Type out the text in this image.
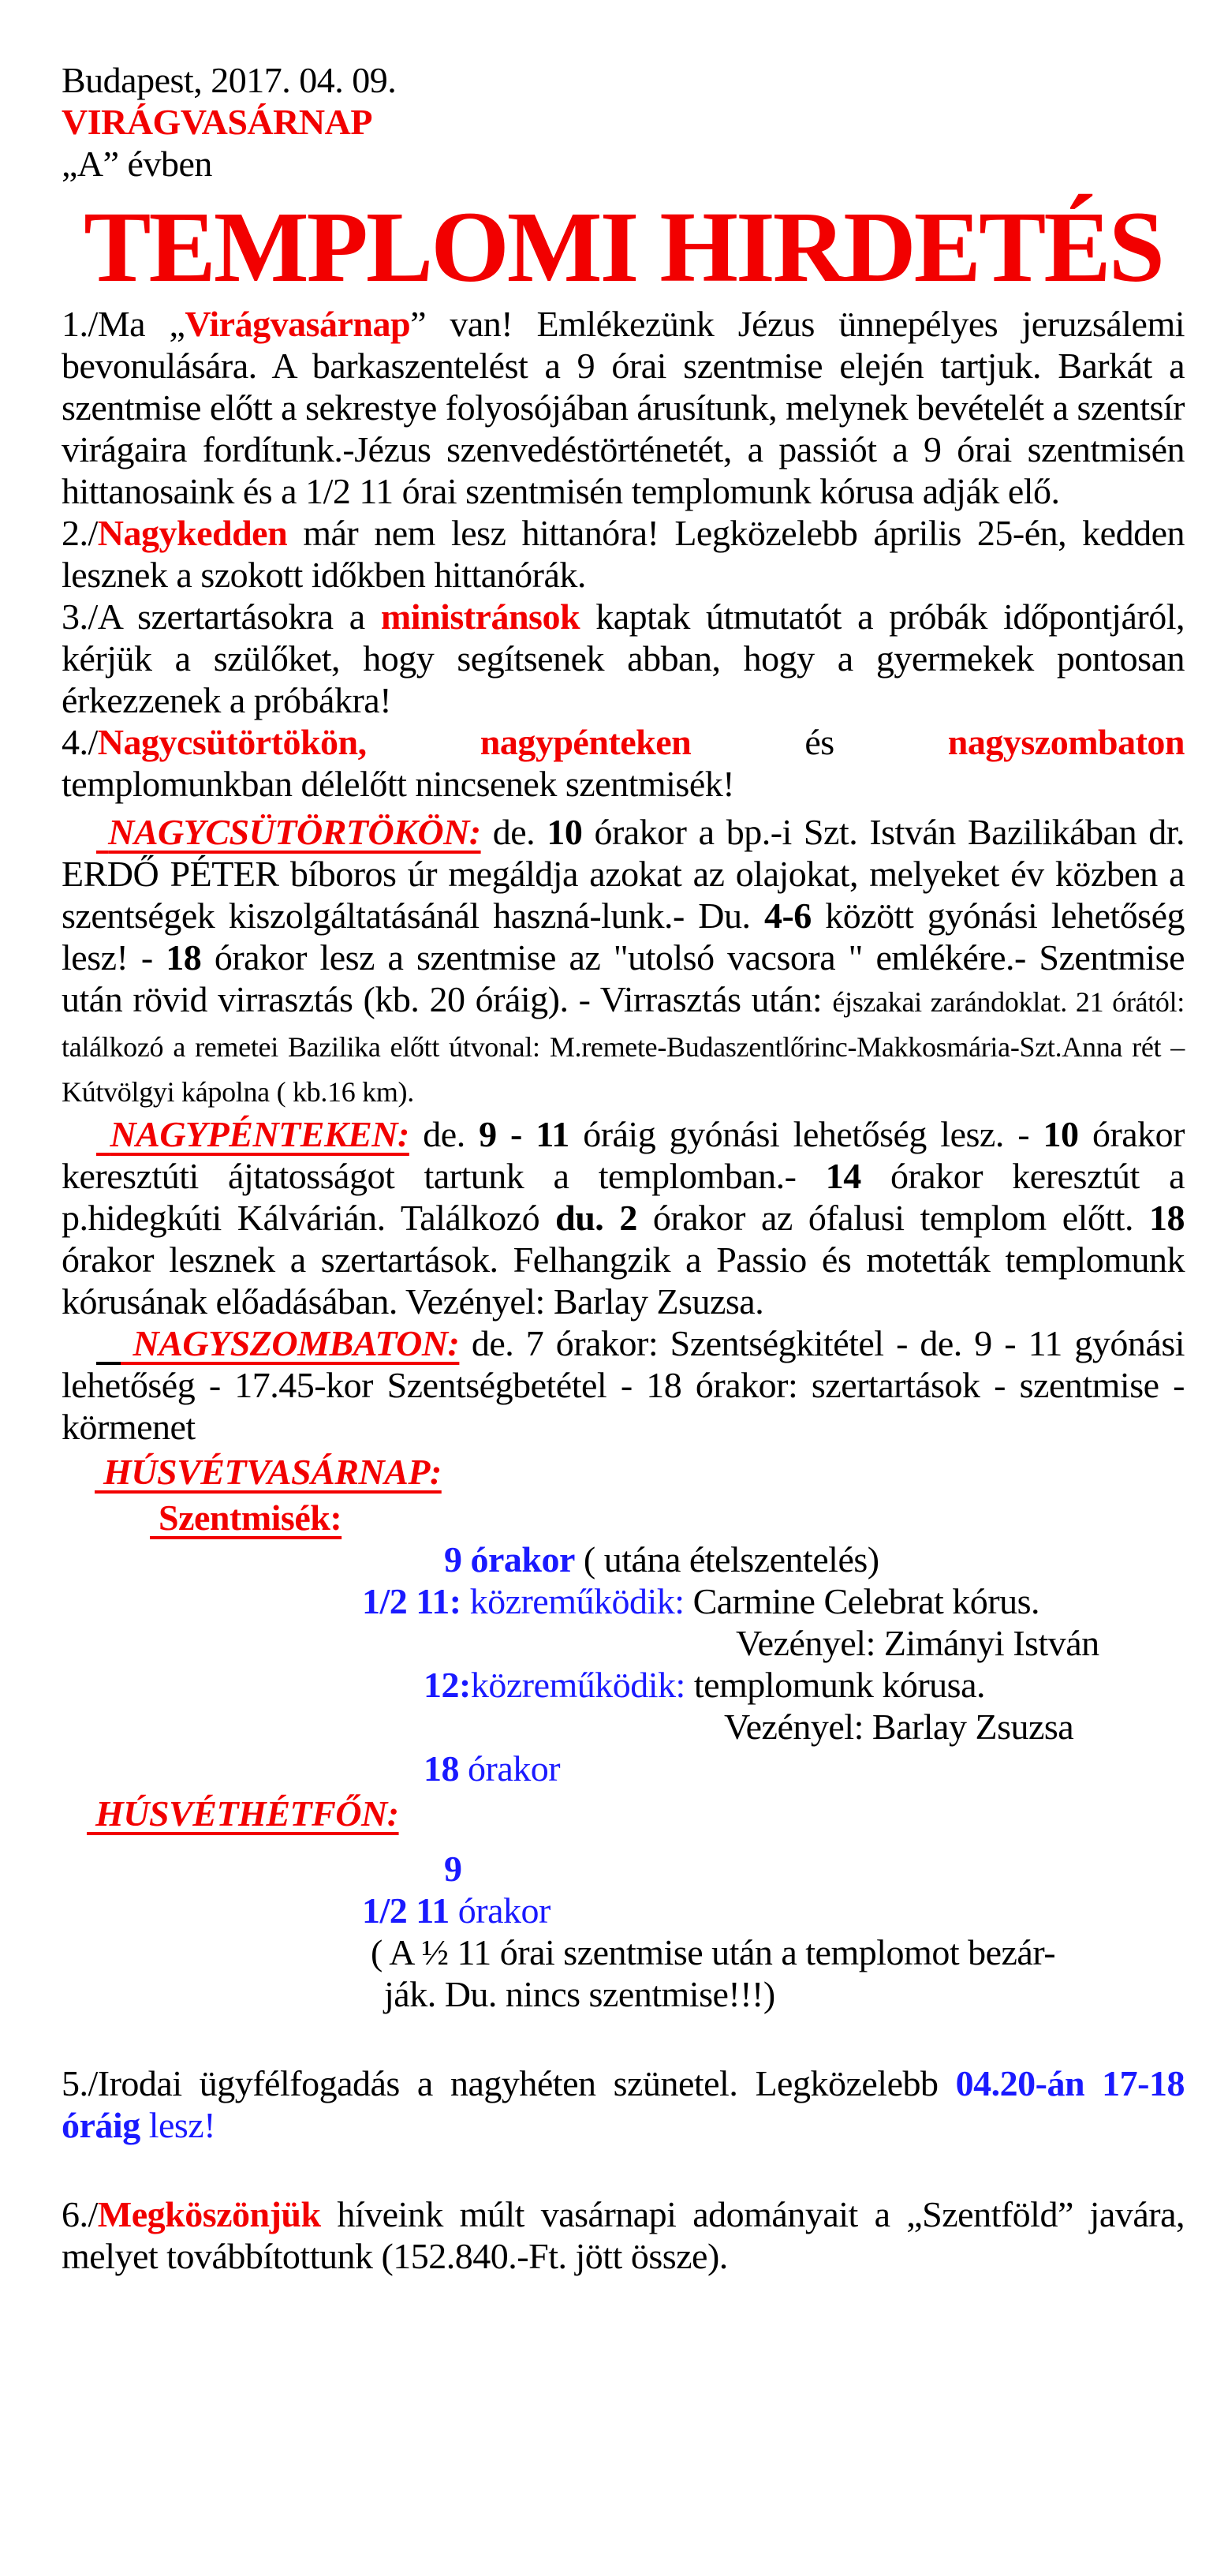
Budapest, 2017. 04. 09.
VIRÁGVASÁRNAP
„A” évben
TEMPLOMI HIRDETÉS

1./Ma „Virágvasárnap” van! Emlékezünk Jézus ünnepélyes jeruzsálemi bevonulására. A barkaszentelést a 9 órai szentmise elején tartjuk. Barkát a szentmise előtt a sekrestye folyosójában árusítunk, melynek bevételét a szentsír virágaira fordítunk.-Jézus szenvedéstörténetét, a passiót a 9 órai szentmisén hittanosaink és a 1/2 11 órai szentmisén templomunk kórusa adják elő.

2./Nagykedden már nem lesz hittanóra! Legközelebb április 25-én, kedden lesznek a szokott időkben hittanórák.

3./A szertartásokra a ministránsok kaptak útmutatót a próbák időpontjáról, kérjük a szülőket, hogy segítsenek abban, hogy a gyermekek pontosan érkezzenek a próbákra!

4./Nagycsütörtökön,	nagypénteken és nagyszombaton

templomunkban délelőtt nincsenek szentmisék!

NAGYCSÜTÖRTÖKÖN: de. 10 órakor a bp.-i Szt. István Bazilikában dr. ERDŐ PÉTER bíboros úr megáldja azokat az olajokat, melyeket év közben a szentségek kiszolgáltatásánál haszná-lunk.- Du. 4-6 között gyónási lehetőség lesz! - 18 órakor lesz a szentmise az "utolsó vacsora " emlékére.- Szentmise után rövid virrasztás (kb. 20 óráig). - Virrasztás után: éjszakai zarándoklat. 21 órától: találkozó a remetei Bazilika előtt útvonal: M.remete-Budaszentlőrinc-Makkosmária-Szt.Anna rét – Kútvölgyi kápolna ( kb.16 km).

NAGYPÉNTEKEN: de. 9 - 11 óráig gyónási lehetőség lesz. - 10 órakor keresztúti ájtatosságot tartunk a templomban.- 14 órakor keresztút a p.hidegkúti Kálvárián. Találkozó du. 2 órakor az ófalusi templom előtt. 18 órakor lesznek a szertartások. Felhangzik a Passio és motetták templomunk kórusának előadásában. Vezényel: Barlay Zsuzsa.

NAGYSZOMBATON: de. 7 órakor: Szentségkitétel - de. 9 - 11 gyónási lehetőség - 17.45-kor Szentségbetétel - 18 órakor: szertartások - szentmise - körmenet

HÚSVÉTVASÁRNAP:

Szentmisék:

9 órakor ( utána ételszentelés)

1/2 11: közreműködik: Carmine Celebrat kórus.

Vezényel: Zimányi István

12:közreműködik: templomunk kórusa.

Vezényel: Barlay Zsuzsa

18 órakor

HÚSVÉTHÉTFŐN:

9

1/2 11 órakor

( A ½ 11 órai szentmise után a templomot bezár-

ják. Du. nincs szentmise!!!)

5./Irodai ügyfélfogadás a nagyhéten szünetel. Legközelebb 04.20-án 17-18 óráig lesz!

6./Megköszönjük híveink múlt vasárnapi adományait a „Szentföld” javára, melyet továbbítottunk (152.840.-Ft. jött össze).
